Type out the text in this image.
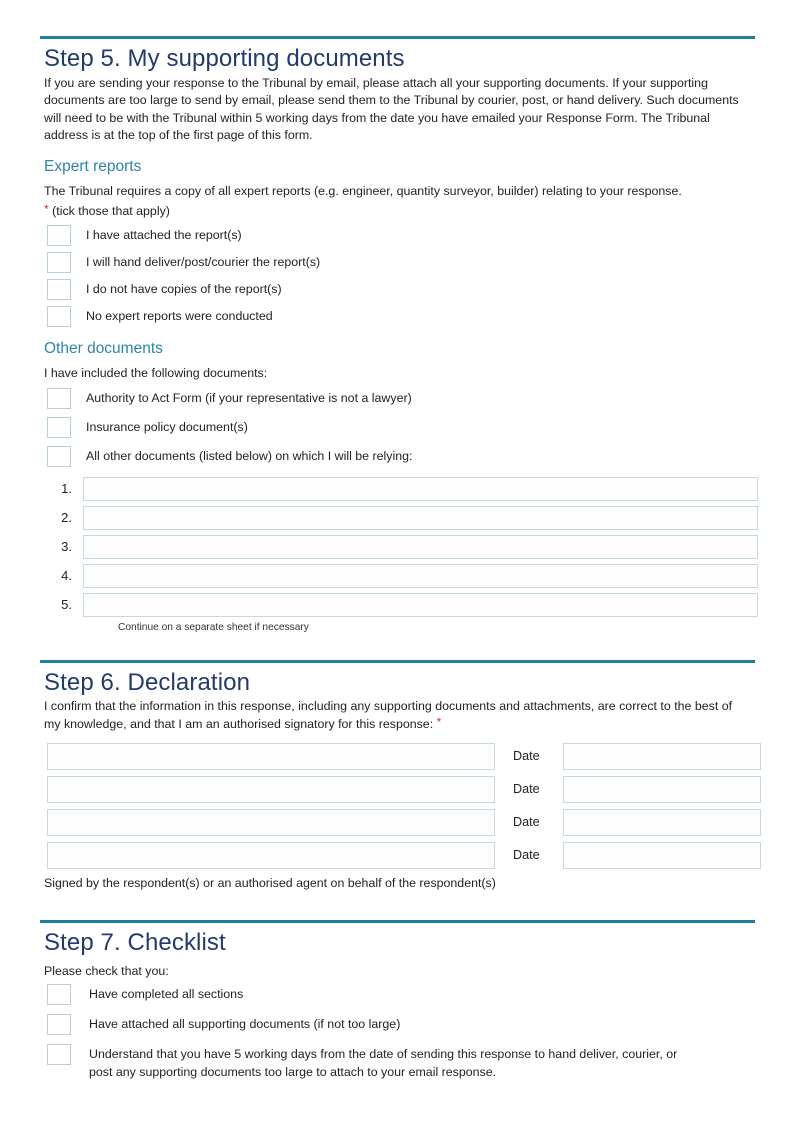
Step 5. My supporting documents

If you are sending your response to the Tribunal by email, please attach all your supporting documents. If your supporting documents are too large to send by email, please send them to the Tribunal by courier, post, or hand delivery. Such documents will need to be with the Tribunal within 5 working days from the date you have emailed your Response Form. The Tribunal address is at the top of the first page of this form.

Expert reports

The Tribunal requires a copy of all expert reports (e.g. engineer, quantity surveyor, builder) relating to your response.

* (tick those that apply)

I have attached the report(s)
I will hand deliver/post/courier the report(s)
I do not have copies of the report(s)
No expert reports were conducted
Other documents

I have included the following documents:

Authority to Act Form (if your representative is not a lawyer)
Insurance policy document(s)
All other documents (listed below) on which I will be relying:
1.
2.
3.
4.
5.
Continue on a separate sheet if necessary
Step 6. Declaration

I confirm that the information in this response, including any supporting documents and attachments, are correct to the best of my knowledge, and that I am an authorised signatory for this response: *

Date
Date
Date
Date
Signed by the respondent(s) or an authorised agent on behalf of the respondent(s)
Step 7. Checklist

Please check that you:

Have completed all sections
Have attached all supporting documents (if not too large)
Understand that you have 5 working days from the date of sending this response to hand deliver, courier, or post any supporting documents too large to attach to your email response.
